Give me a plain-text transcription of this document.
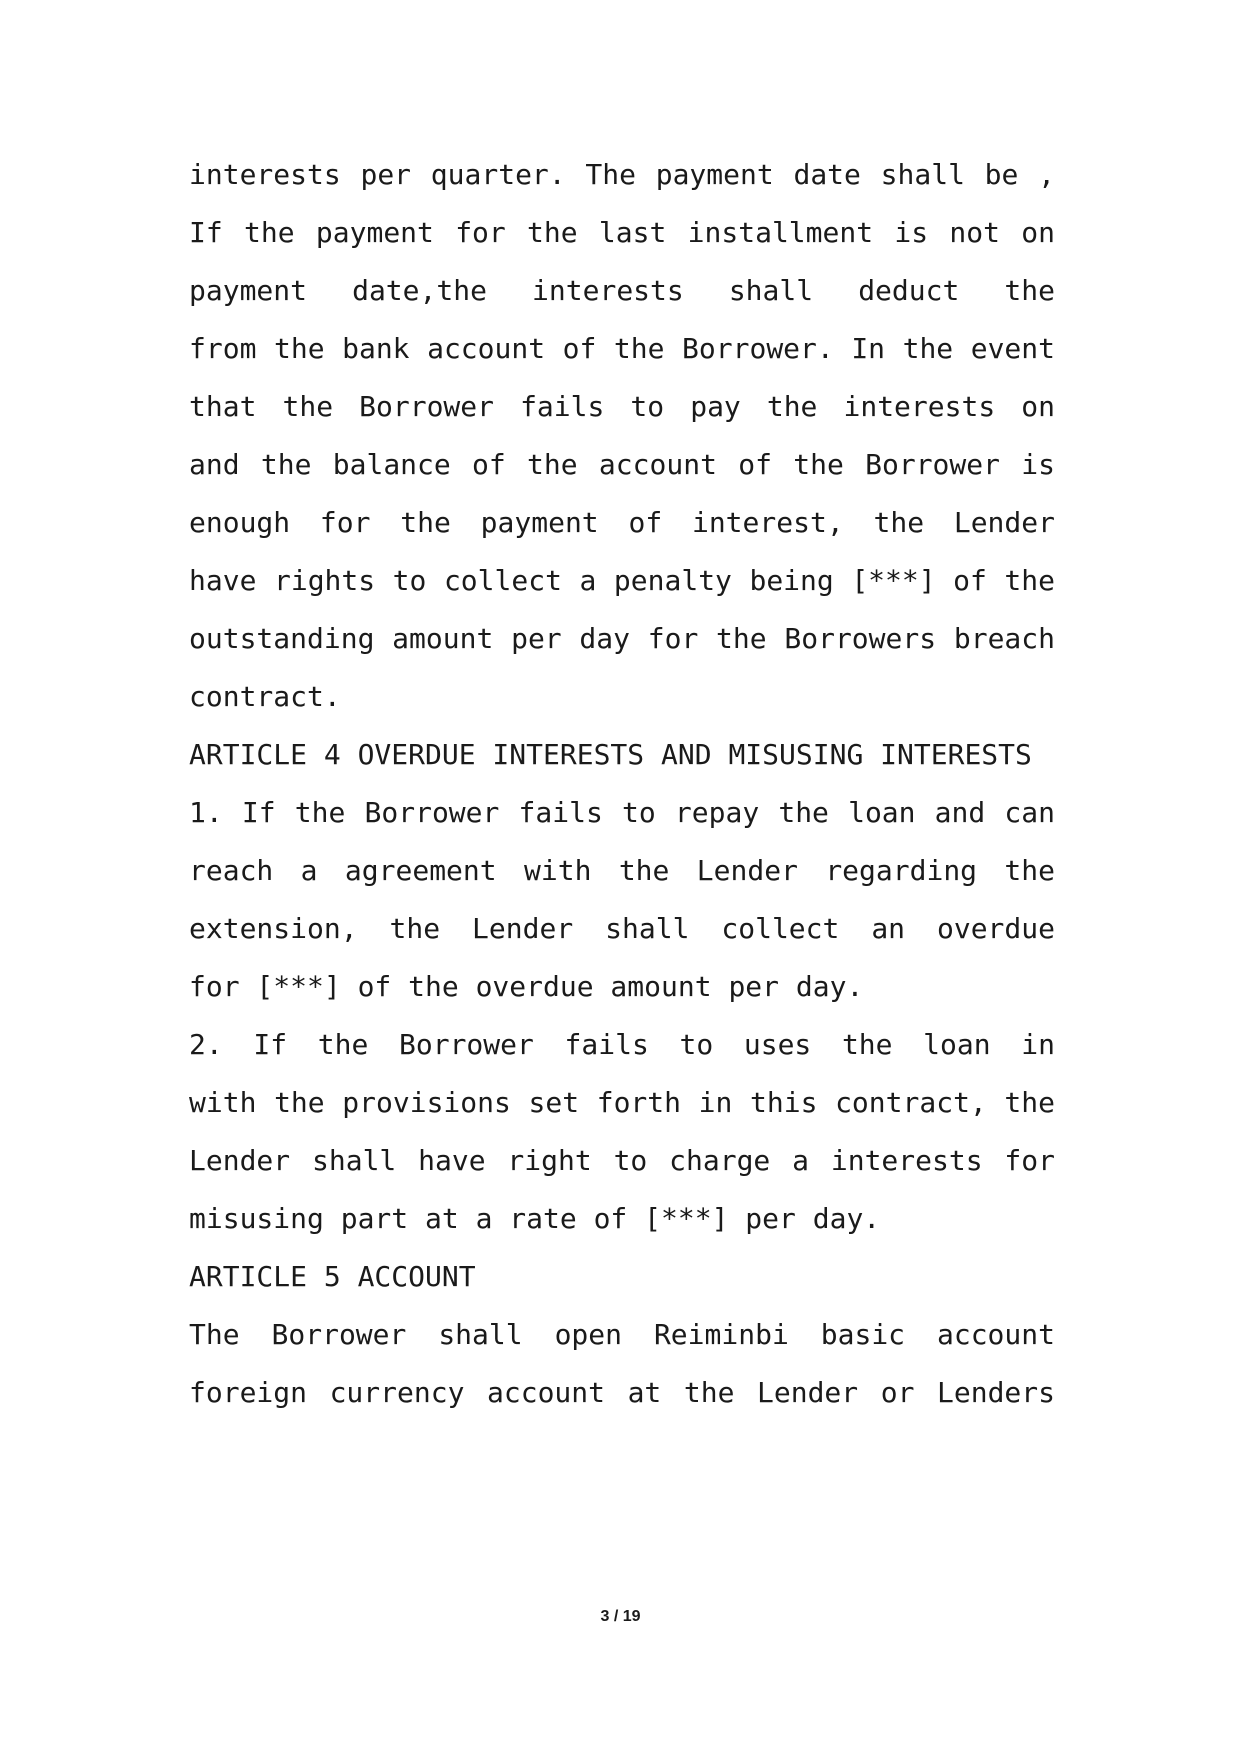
interests per quarter. The payment date shall be ,
If the payment for the last installment is not on
payment date,the interests shall deduct the
from the bank account of the Borrower. In the event
that the Borrower fails to pay the interests on
and the balance of the account of the Borrower is
enough for the payment of interest, the Lender
have rights to collect a penalty being [***] of the
outstanding amount per day for the Borrowers breach
contract.
ARTICLE 4 OVERDUE INTERESTS AND MISUSING INTERESTS
1. If the Borrower fails to repay the loan and can
reach a agreement with the Lender regarding the
extension, the Lender shall collect an overdue
for [***] of the overdue amount per day.
2. If the Borrower fails to uses the loan in
with the provisions set forth in this contract, the
Lender shall have right to charge a interests for
misusing part at a rate of [***] per day.
ARTICLE 5 ACCOUNT
The Borrower shall open Reiminbi basic account
foreign currency account at the Lender or Lenders
3 / 19
